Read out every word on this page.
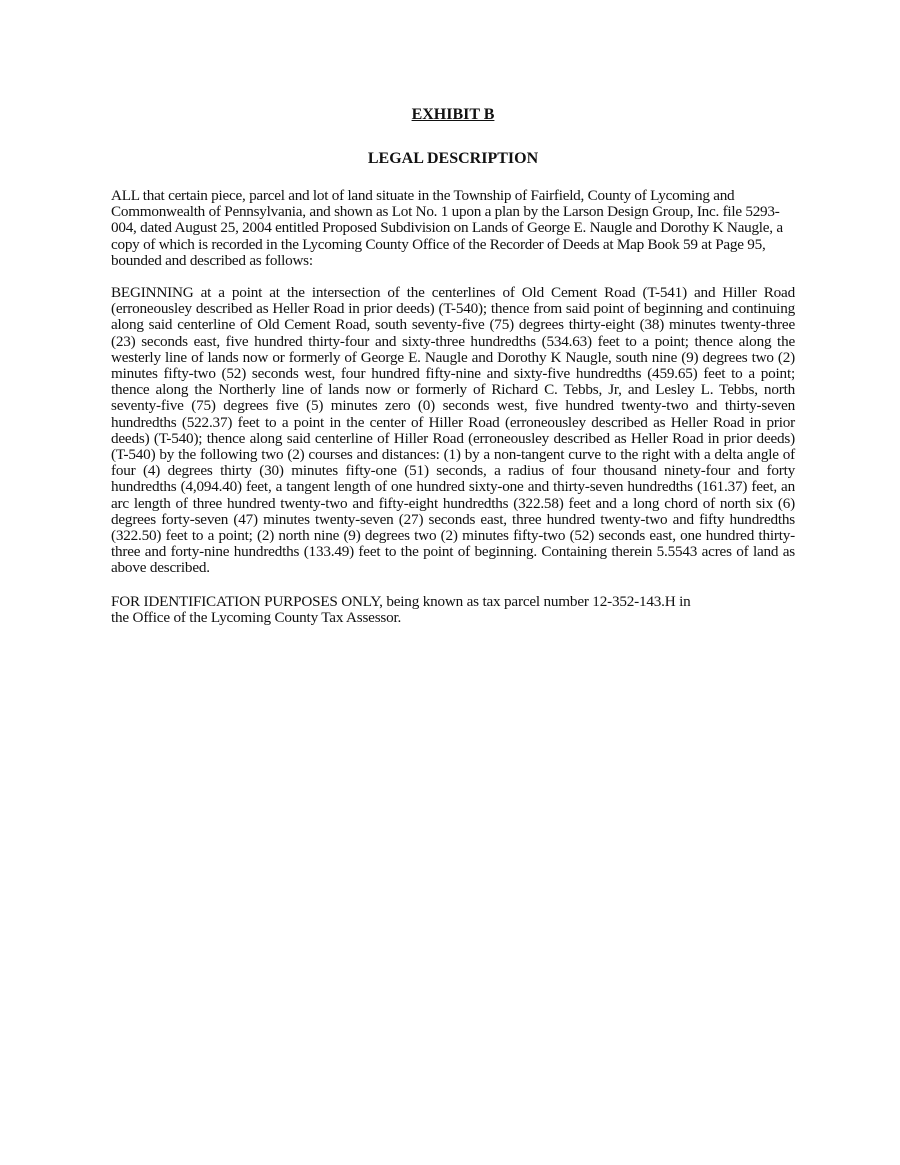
EXHIBIT B
LEGAL DESCRIPTION

ALL that certain piece, parcel and lot of land situate in the Township of Fairfield, County of Lycoming and Commonwealth of Pennsylvania, and shown as Lot No. 1 upon a plan by the Larson Design Group, Inc. file 5293-004, dated August 25, 2004 entitled Proposed Subdivision on Lands of George E. Naugle and Dorothy K Naugle, a copy of which is recorded in the Lycoming County Office of the Recorder of Deeds at Map Book 59 at Page 95, bounded and described as follows:

BEGINNING at a point at the intersection of the centerlines of Old Cement Road (T-541) and Hiller Road (erroneousley described as Heller Road in prior deeds) (T-540); thence from said point of beginning and continuing along said centerline of Old Cement Road, south seventy-five (75) degrees thirty-eight (38) minutes twenty-three (23) seconds east, five hundred thirty-four and sixty-three hundredths (534.63) feet to a point; thence along the westerly line of lands now or formerly of George E. Naugle and Dorothy K Naugle, south nine (9) degrees two (2) minutes fifty-two (52) seconds west, four hundred fifty-nine and sixty-five hundredths (459.65) feet to a point; thence along the Northerly line of lands now or formerly of Richard C. Tebbs, Jr, and Lesley L. Tebbs, north seventy-five (75) degrees five (5) minutes zero (0) seconds west, five hundred twenty-two and thirty-seven hundredths (522.37) feet to a point in the center of Hiller Road (erroneousley described as Heller Road in prior deeds) (T-540); thence along said centerline of Hiller Road (erroneousley described as Heller Road in prior deeds) (T-540) by the following two (2) courses and distances: (1) by a non-tangent curve to the right with a delta angle of four (4) degrees thirty (30) minutes fifty-one (51) seconds, a radius of four thousand ninety-four and forty hundredths (4,094.40) feet, a tangent length of one hundred sixty-one and thirty-seven hundredths (161.37) feet, an arc length of three hundred twenty-two and fifty-eight hundredths (322.58) feet and a long chord of north six (6) degrees forty-seven (47) minutes twenty-seven (27) seconds east, three hundred twenty-two and fifty hundredths (322.50) feet to a point; (2) north nine (9) degrees two (2) minutes fifty-two (52) seconds east, one hundred thirty-three and forty-nine hundredths (133.49) feet to the point of beginning. Containing therein 5.5543 acres of land as above described.

FOR IDENTIFICATION PURPOSES ONLY, being known as tax parcel number 12-352-143.H in
the Office of the Lycoming County Tax Assessor.
